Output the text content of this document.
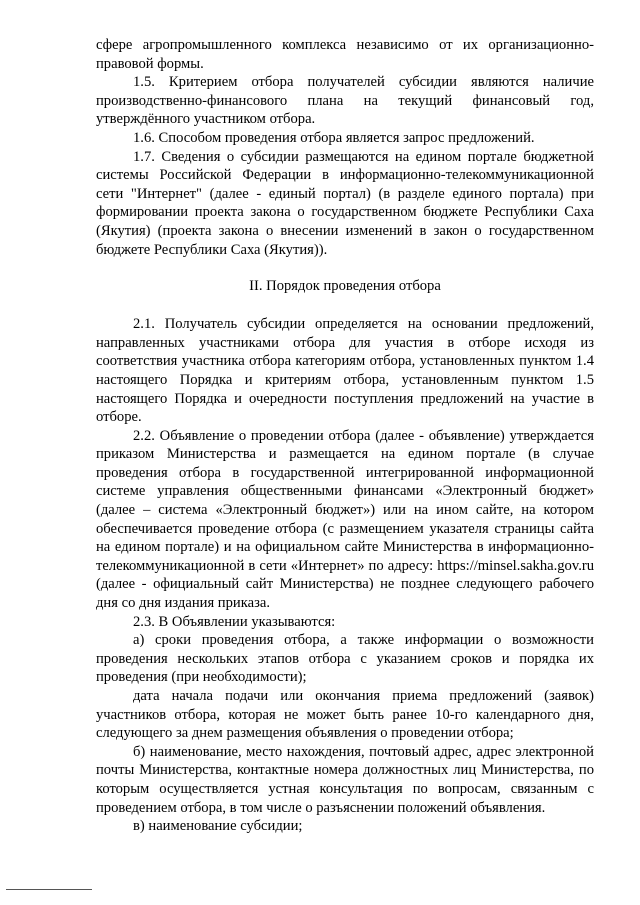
сфере агропромышленного комплекса независимо от их организационно-правовой формы.

1.5. Критерием отбора получателей субсидии являются наличие производственно-финансового плана на текущий финансовый год, утверждённого участником отбора.

1.6. Способом проведения отбора является запрос предложений.

1.7. Сведения о субсидии размещаются на едином портале бюджетной системы Российской Федерации в информационно-телекоммуникационной сети "Интернет" (далее - единый портал) (в разделе единого портала) при формировании проекта закона о государственном бюджете Республики Саха (Якутия) (проекта закона о внесении изменений в закон о государственном бюджете Республики Саха (Якутия)).

II. Порядок проведения отбора

2.1. Получатель субсидии определяется на основании предложений, направленных участниками отбора для участия в отборе исходя из соответствия участника отбора категориям отбора, установленных пунктом 1.4 настоящего Порядка и критериям отбора, установленным пунктом 1.5 настоящего Порядка и очередности поступления предложений на участие в отборе.

2.2. Объявление о проведении отбора (далее - объявление) утверждается приказом Министерства и размещается на едином портале (в случае проведения отбора в государственной интегрированной информационной системе управления общественными финансами «Электронный бюджет» (далее – система «Электронный бюджет») или на ином сайте, на котором обеспечивается проведение отбора (с размещением указателя страницы сайта на едином портале) и на официальном сайте Министерства в информационно- телекоммуникационной в сети «Интернет» по адресу: https://minsel.sakha.gov.ru (далее - официальный сайт Министерства) не позднее следующего рабочего дня со дня издания приказа.

2.3. В Объявлении указываются:

а) сроки проведения отбора, а также информации о возможности проведения нескольких этапов отбора с указанием сроков и порядка их проведения (при необходимости);

дата начала подачи или окончания приема предложений (заявок) участников отбора, которая не может быть ранее 10-го календарного дня, следующего за днем размещения объявления о проведении отбора;

б) наименование, место нахождения, почтовый адрес, адрес электронной почты Министерства, контактные номера должностных лиц Министерства, по которым осуществляется устная консультация по вопросам, связанным с проведением отбора, в том числе о разъяснении положений объявления.

в) наименование субсидии;
